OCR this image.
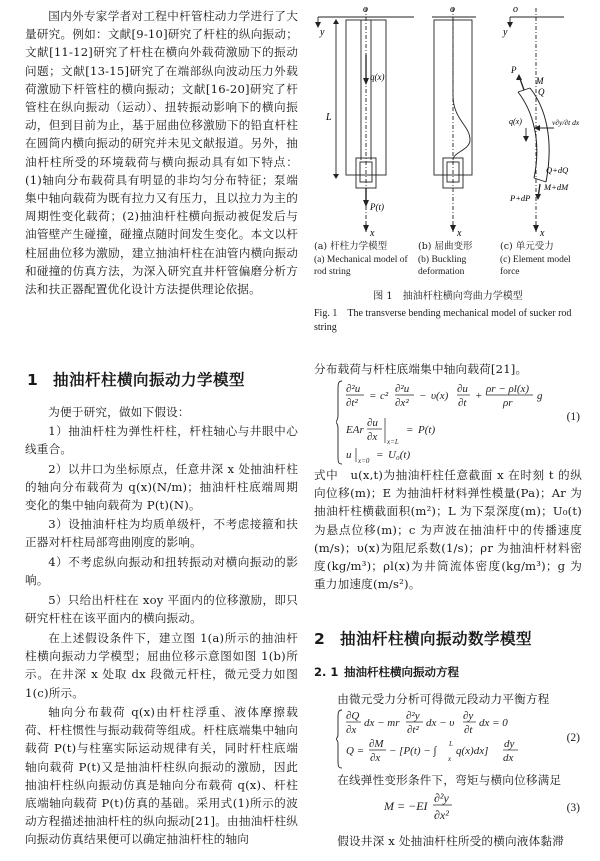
国内外专家学者对工程中杆管柱动力学进行了大量研究。例如：文献[9-10]研究了杆柱的纵向振动；文献[11-12]研究了杆柱在横向外载荷激励下的振动问题；文献[13-15]研究了在端部纵向波动压力外载荷激励下杆管柱的横向振动；文献[16-20]研究了杆管柱在纵向振动（运动）、扭转振动影响下的横向振动，但到目前为止，基于屈曲位移激励下的铅直杆柱在圆筒内横向振动的研究并未见文献报道。另外，抽油杆柱所受的环境载荷与横向振动具有如下特点：(1)轴向分布载荷具有明显的非均匀分布特征；泵端集中轴向载荷为既有拉力又有压力，且以拉力为主的周期性变化载荷；(2)抽油杆柱横向振动被促发后与油管壁产生碰撞，碰撞点随时间发生变化。本文以杆柱屈曲位移为激励，建立抽油杆柱在油管内横向振动和碰撞的仿真方法，为深入研究直井杆管偏磨分析方法和扶正器配置优化设计方法提供理论依据。

1 抽油杆柱横向振动力学模型

为便于研究，做如下假设：

1）抽油杆柱为弹性杆柱，杆柱轴心与井眼中心线重合。

2）以井口为坐标原点，任意井深 x 处抽油杆柱的轴向分布载荷为 q(x)(N/m)；抽油杆柱底端周期变化的集中轴向载荷为 P(t)(N)。

3）设抽油杆柱为均质单级杆，不考虑接箍和扶正器对杆柱局部弯曲刚度的影响。

4）不考虑纵向振动和扭转振动对横向振动的影响。

5）只给出杆柱在 xoy 平面内的位移激励，即只研究杆柱在该平面内的横向振动。

在上述假设条件下，建立图 1(a)所示的抽油杆柱横向振动力学模型；屈曲位移示意图如图 1(b)所示。在井深 x 处取 dx 段微元杆柱，微元受力如图1(c)所示。

轴向分布载荷 q(x)由杆柱浮重、液体摩擦载荷、杆柱惯性与振动载荷等组成。杆柱底端集中轴向载荷 P(t)与柱塞实际运动规律有关，同时杆柱底端轴向载荷 P(t)又是抽油杆柱纵向振动的激励，因此抽油杆柱纵向振动仿真是轴向分布载荷 q(x)、杆柱底端轴向载荷 P(t)仿真的基础。采用式(1)所示的波动方程描述抽油杆柱的纵向振动[21]。由抽油杆柱纵向振动仿真结果便可以确定抽油杆柱的轴向

o
y
L
q(x)
P(t)
x
o
x
o
y
P
M
Q
q(x)	v∂y/∂t dx
Q+dQ
M+dM
P+dP
x
(a) 杆柱力学模型
(a) Mechanical model of rod string
(b) 屈曲变形
(b) Buckling deformation
(c) 单元受力
(c) Element model force
图 1　抽油杆柱横向弯曲力学模型
Fig. 1 The transverse bending mechanical model of sucker rod string

分布载荷与杆柱底端集中轴向载荷[21]。

∂²u
∂t²
= c²
∂²u
∂x²
− υ(x)
∂u
∂t
+
ρr − ρl(x)
ρr
g
EAr
∂u
∂x x=L
= P(t)
u x=0 = U₀(t)
(1)

式中　u(x,t)为抽油杆柱任意截面 x 在时刻 t 的纵向位移(m)；E 为抽油杆材料弹性模量(Pa)；Ar 为抽油杆柱横截面积(m²)；L 为下泵深度(m)；U₀(t)为悬点位移(m)；c 为声波在抽油杆中的传播速度(m/s)；υ(x)为阻尼系数(1/s)；ρr 为抽油杆材料密度(kg/m³)；ρl(x)为井筒流体密度(kg/m³)；g 为重力加速度(m/s²)。

2 抽油杆柱横向振动数学模型
2. 1 抽油杆柱横向振动方程

由微元受力分析可得微元段动力平衡方程

∂Q
∂x
dx − mr
∂²y
∂t²
dx − υ
∂y
∂t
dx = 0
Q =
∂M
∂x
− [P(t) − ∫
L
x
q(x)dx]
dy
dx
(2)

在线弹性变形条件下，弯矩与横向位移满足

M = −EI
∂²y
∂x²	(3)

假设井深 x 处抽油杆柱所受的横向液体黏滞
